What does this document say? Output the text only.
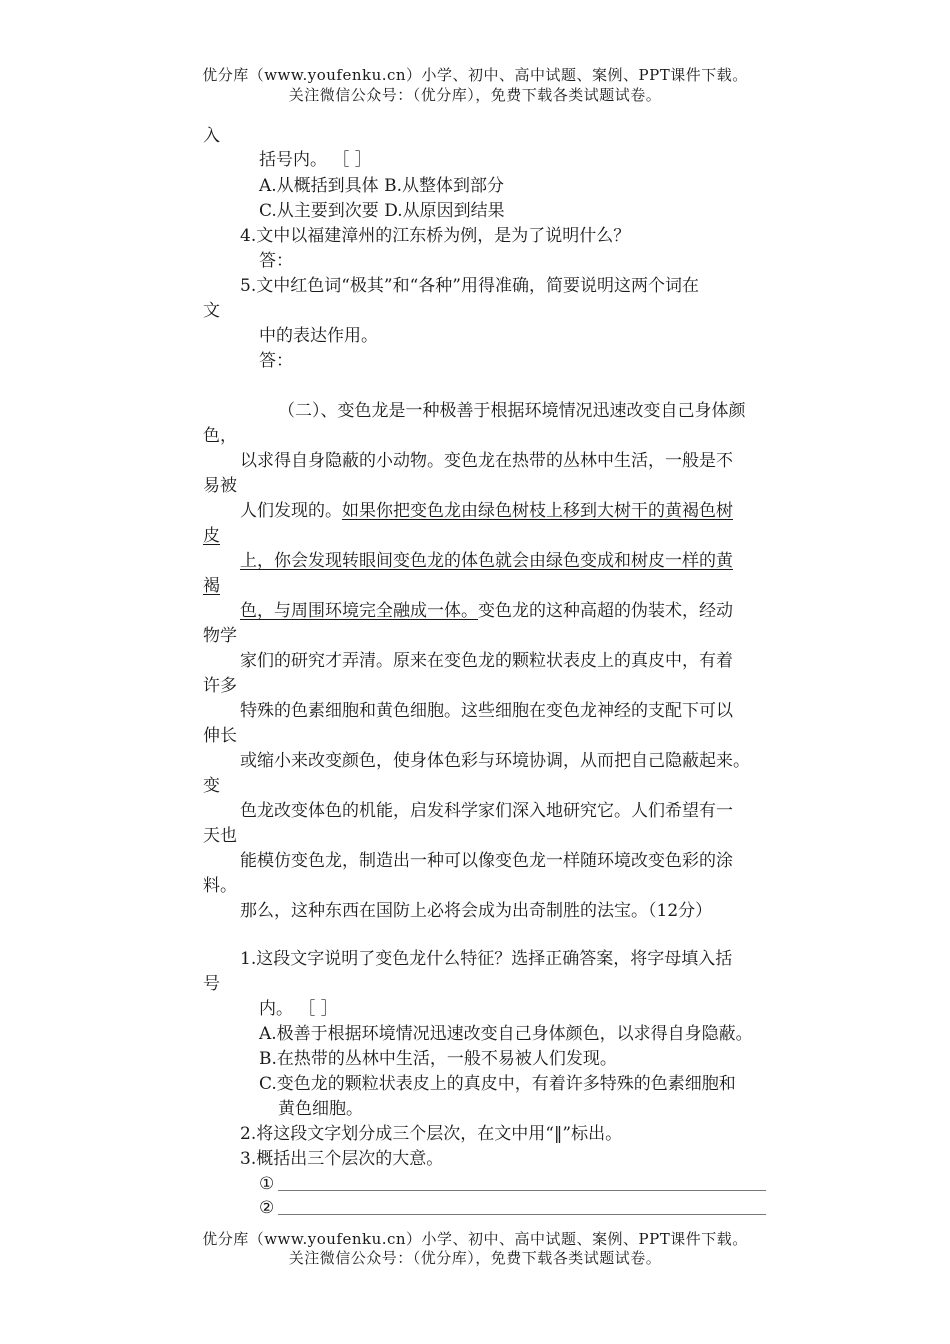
优分库（www.youfenku.cn）小学、初中、高中试题、案例、PPT课件下载。
关注微信公众号：（优分库），免费下载各类试题试卷。
入
括号内。 ［ ］
A.从概括到具体 B.从整体到部分
C.从主要到次要 D.从原因到结果
4.文中以福建漳州的江东桥为例，是为了说明什么？
答：
5.文中红色词“极其”和“各种”用得准确，简要说明这两个词在
文
中的表达作用。
答：
（二）、变色龙是一种极善于根据环境情况迅速改变自己身体颜
色，
以求得自身隐蔽的小动物。变色龙在热带的丛林中生活，一般是不
易被
人们发现的。如果你把变色龙由绿色树枝上移到大树干的黄褐色树
皮
上，你会发现转眼间变色龙的体色就会由绿色变成和树皮一样的黄
褐
色，与周围环境完全融成一体。变色龙的这种高超的伪装术，经动
物学
家们的研究才弄清。原来在变色龙的颗粒状表皮上的真皮中，有着
许多
特殊的色素细胞和黄色细胞。这些细胞在变色龙神经的支配下可以
伸长
或缩小来改变颜色，使身体色彩与环境协调，从而把自己隐蔽起来。
变
色龙改变体色的机能，启发科学家们深入地研究它。人们希望有一
天也
能模仿变色龙，制造出一种可以像变色龙一样随环境改变色彩的涂
料。
那么，这种东西在国防上必将会成为出奇制胜的法宝。（12分）
1.这段文字说明了变色龙什么特征？选择正确答案，将字母填入括
号
内。 ［ ］
A.极善于根据环境情况迅速改变自己身体颜色，以求得自身隐蔽。
B.在热带的丛林中生活，一般不易被人们发现。
C.变色龙的颗粒状表皮上的真皮中，有着许多特殊的色素细胞和
黄色细胞。
2.将这段文字划分成三个层次，在文中用“‖”标出。
3.概括出三个层次的大意。
①
②
优分库（www.youfenku.cn）小学、初中、高中试题、案例、PPT课件下载。
关注微信公众号：（优分库），免费下载各类试题试卷。
